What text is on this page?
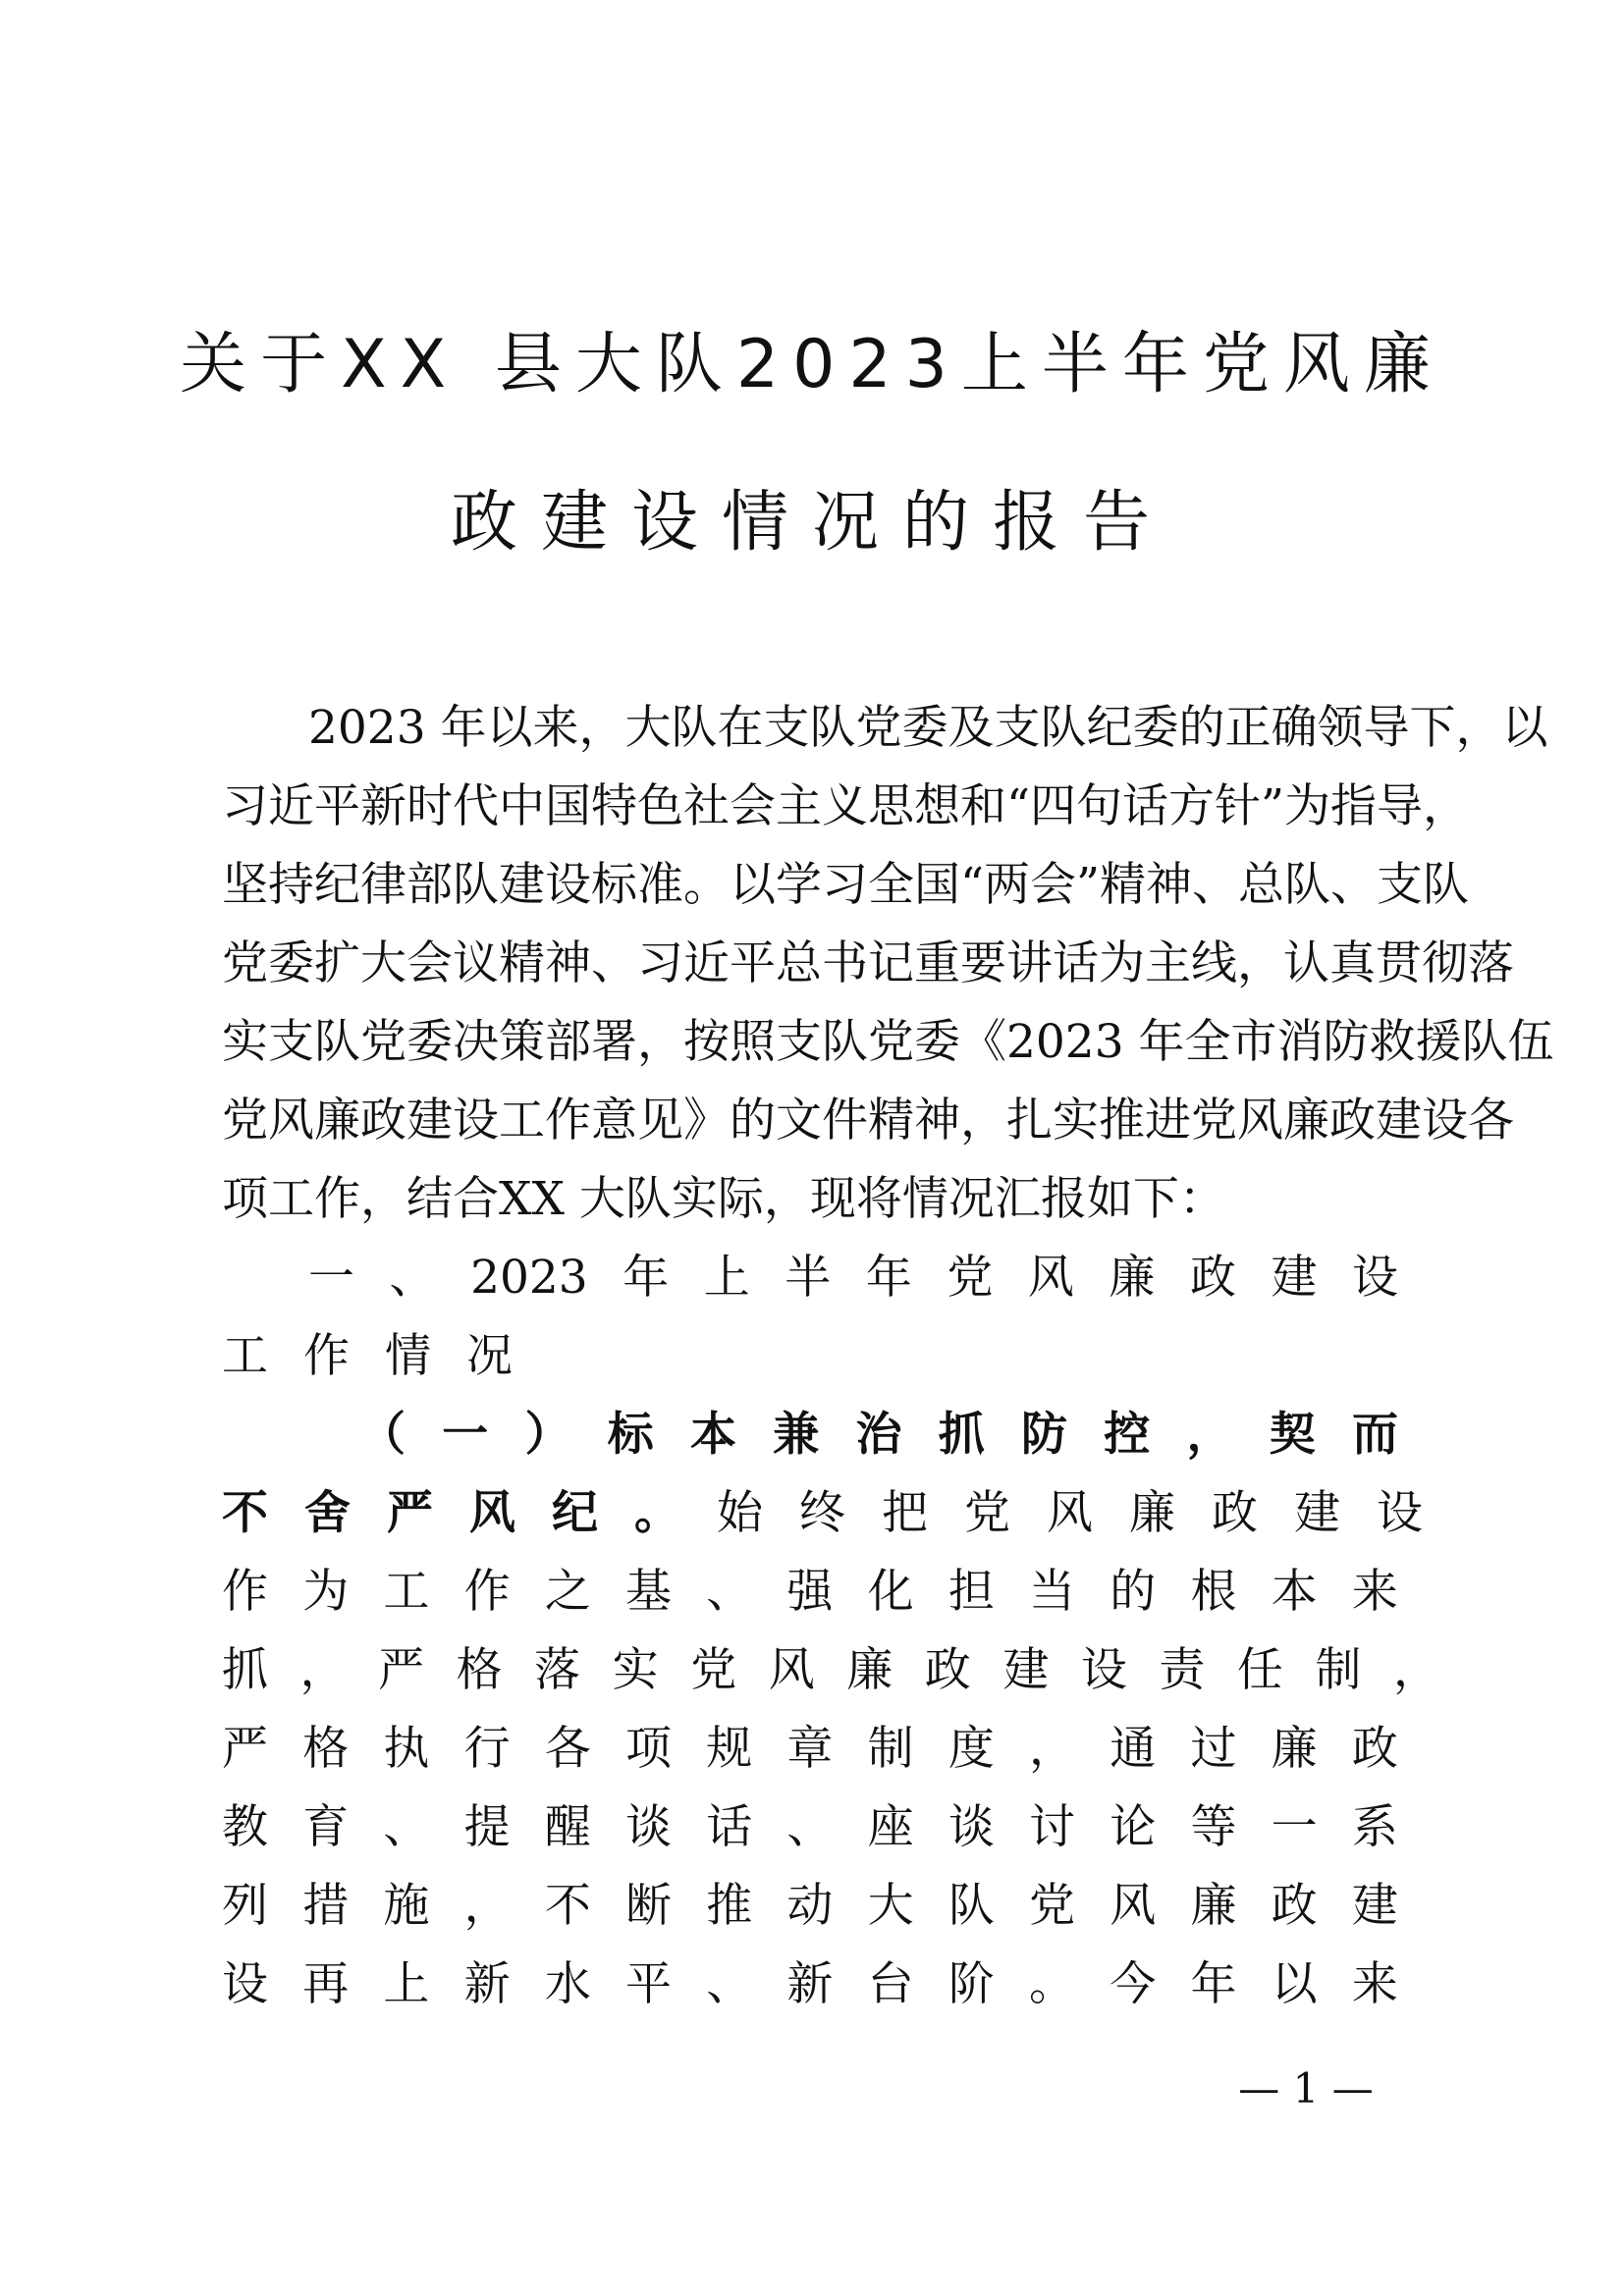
关于XX 县大队2023上半年党风廉
政建设情况的报告
2023 年以来，大队在支队党委及支队纪委的正确领导下，以
习近平新时代中国特色社会主义思想和“四句话方针”为指导，
坚持纪律部队建设标准。以学习全国“两会”精神、总队、支队
党委扩大会议精神、习近平总书记重要讲话为主线，认真贯彻落
实支队党委决策部署，按照支队党委《2023 年全市消防救援队伍
党风廉政建设工作意见》的文件精神，扎实推进党风廉政建设各
项工作，结合XX 大队实际，现将情况汇报如下：
一 、 2023 年 上 半 年 党 风 廉 政 建 设
工作情况
（ 一 ） 标 本 兼 治 抓 防 控 ， 契 而
不舍严风纪。始终把党风廉政建设
作 为 工 作 之 基 、 强 化 担 当 的 根 本 来
抓 ， 严 格 落 实 党 风 廉 政 建 设 责 任 制 ，
严 格 执 行 各 项 规 章 制 度 ， 通 过 廉 政
教 育 、 提 醒 谈 话 、 座 谈 讨 论 等 一 系
列 措 施 ， 不 断 推 动 大 队 党 风 廉 政 建
设 再 上 新 水 平 、 新 台 阶 。 今 年 以 来
— 1 —
